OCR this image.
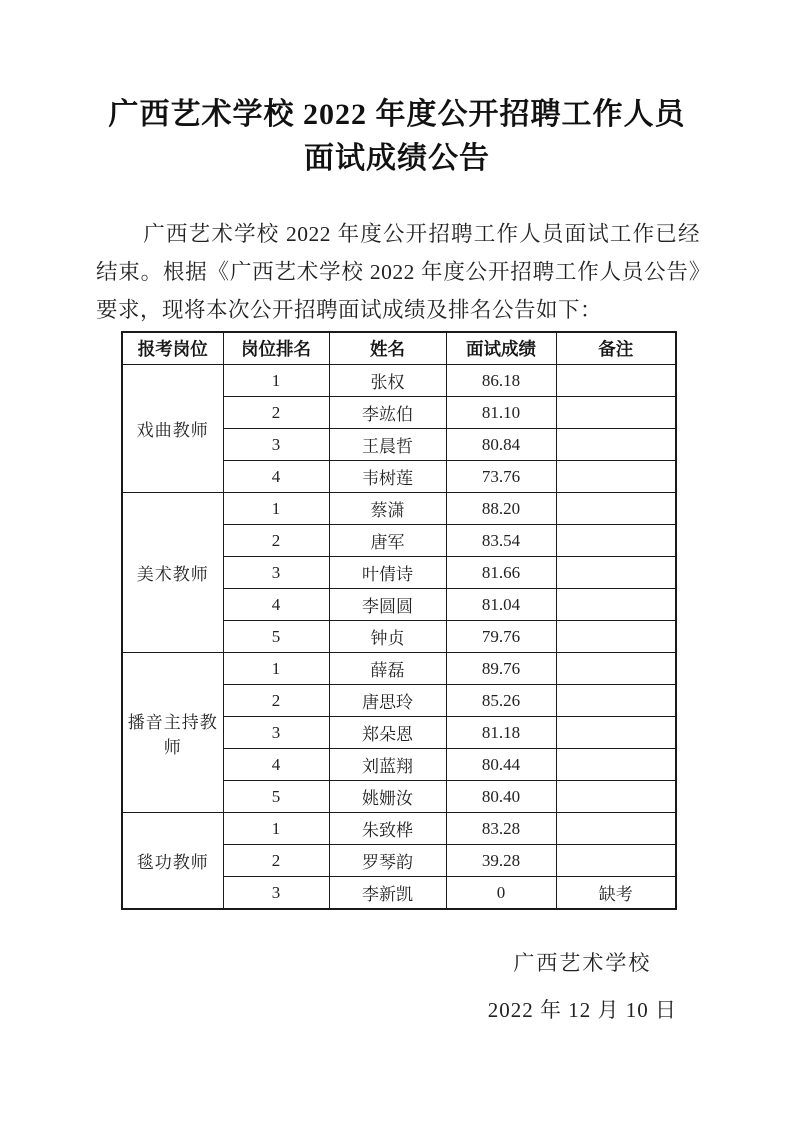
广西艺术学校 2022 年度公开招聘工作人员
面试成绩公告

广西艺术学校 2022 年度公开招聘工作人员面试工作已经结束。根据《广西艺术学校 2022 年度公开招聘工作人员公告》要求，现将本次公开招聘面试成绩及排名公告如下：

报考岗位	岗位排名	姓名	面试成绩	备注
戏曲教师	1	张权	86.18	
	2	李竑伯	81.10	
	3	王晨哲	80.84	
	4	韦树莲	73.76	
美术教师	1	蔡潇	88.20	
	2	唐军	83.54	
	3	叶倩诗	81.66	
	4	李圆圆	81.04	
	5	钟贞	79.76	
播音主持教师	1	薛磊	89.76	
	2	唐思玲	85.26	
	3	郑朵恩	81.18	
	4	刘蓝翔	80.44	
	5	姚姗汝	80.40	
毯功教师	1	朱致桦	83.28	
	2	罗琴韵	39.28	
	3	李新凯	0	缺考
广西艺术学校
2022 年 12 月 10 日
